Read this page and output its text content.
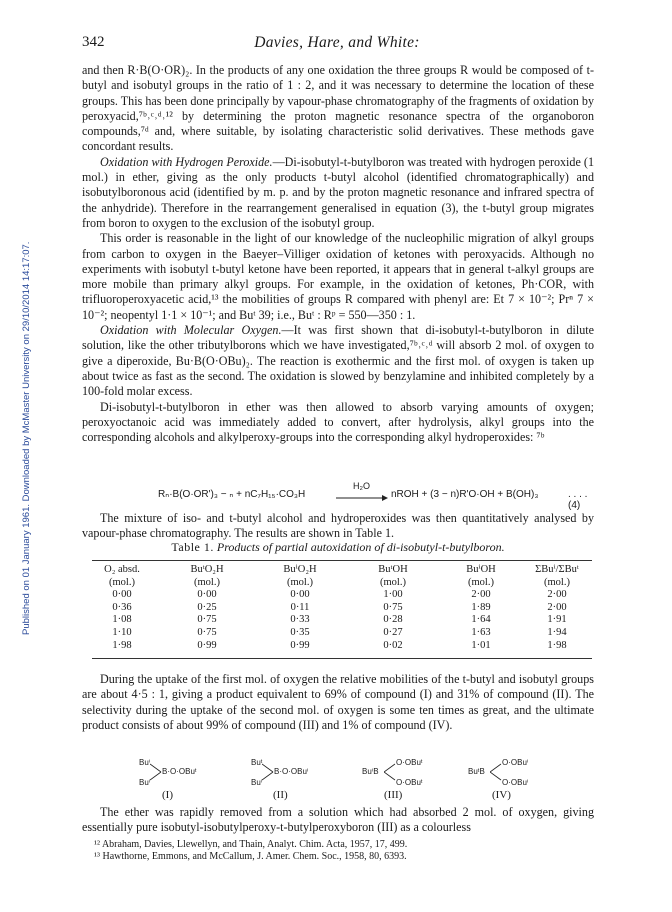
Published on 01 January 1961. Downloaded by McMaster University on 29/10/2014 14:17:07.
342	Davies, Hare, and White:

and then R·B(O·OR)₂. In the products of any one oxidation the three groups R would be composed of t-butyl and isobutyl groups in the ratio of 1 : 2, and it was necessary to determine the location of these groups. This has been done principally by vapour-phase chromatography of the fragments of oxidation by peroxyacid,⁷ᵇ˒ᶜ˒ᵈ˒¹² by determining the proton magnetic resonance spectra of the organoboron compounds,⁷ᵈ and, where suitable, by isolating characteristic solid derivatives. These methods gave concordant results.

Oxidation with Hydrogen Peroxide.—Di-isobutyl-t-butylboron was treated with hydrogen peroxide (1 mol.) in ether, giving as the only products t-butyl alcohol (identified chromatographically) and isobutylboronous acid (identified by m. p. and by the proton magnetic resonance and infrared spectra of the anhydride). Therefore in the rearrangement generalised in equation (3), the t-butyl group migrates from boron to oxygen to the exclusion of the isobutyl group.

This order is reasonable in the light of our knowledge of the nucleophilic migration of alkyl groups from carbon to oxygen in the Baeyer–Villiger oxidation of ketones with peroxyacids. Although no experiments with isobutyl t-butyl ketone have been reported, it appears that in general t-alkyl groups are more mobile than primary alkyl groups. For example, in the oxidation of ketones, Ph·COR, with trifluoroperoxyacetic acid,¹³ the mobilities of groups R compared with phenyl are: Et 7 × 10⁻²; Prⁿ 7 × 10⁻²; neopentyl 1·1 × 10⁻¹; and Buᵗ 39; i.e., Buᵗ : Rᵖ = 550—350 : 1.

Oxidation with Molecular Oxygen.—It was first shown that di-isobutyl-t-butylboron in dilute solution, like the other tributylborons which we have investigated,⁷ᵇ˒ᶜ˒ᵈ will absorb 2 mol. of oxygen to give a diperoxide, Bu·B(O·OBu)₂. The reaction is exothermic and the first mol. of oxygen is taken up about twice as fast as the second. The oxidation is slowed by benzylamine and inhibited completely by a 100-fold molar excess.

Di-isobutyl-t-butylboron in ether was then allowed to absorb varying amounts of oxygen; peroxyoctanoic acid was immediately added to convert, after hydrolysis, alkyl groups into the corresponding alcohols and alkylperoxy-groups into the corresponding alkyl hydroperoxides: ⁷ᵇ

Rₙ·B(O·OR')₃ − ₙ + nC₇H₁₅·CO₃H
H₂O
nROH + (3 − n)R'O·OH + B(OH)₃	. . . . (4)

The mixture of iso- and t-butyl alcohol and hydroperoxides was then quantitatively analysed by vapour-phase chromatography. The results are shown in Table 1.

Table 1. Products of partial autoxidation of di-isobutyl-t-butylboron.
O₂ absd.
(mol.)
0·00
0·36
1·08
1·10
1·98
BuᵗO₂H
(mol.)
0·00
0·25
0·75
0·75
0·99
BuⁱO₂H
(mol.)
0·00
0·11
0·33
0·35
0·99
BuᵗOH
(mol.)
1·00
0·75
0·28
0·27
0·02
BuⁱOH
(mol.)
2·00
1·89
1·64
1·63
1·01
ΣBuⁱ/ΣBuᵗ
(mol.)
2·00
2·00
1·91
1·94
1·98

During the uptake of the first mol. of oxygen the relative mobilities of the t-butyl and isobutyl groups are about 4·5 : 1, giving a product equivalent to 69% of compound (I) and 31% of compound (II). The selectivity during the uptake of the second mol. of oxygen is some ten times as great, and the ultimate product consists of about 99% of compound (III) and 1% of compound (IV).

Buⁱ
Buⁱ
B·O·OBuᵗ
(I)
Buᵗ
Buⁱ
B·O·OBuⁱ
(II)
BuⁱB
O·OBuᵗ
O·OBuᵗ
(III)
BuᵗB
O·OBuⁱ
O·OBuⁱ
(IV)

The ether was rapidly removed from a solution which had absorbed 2 mol. of oxygen, giving essentially pure isobutyl-isobutylperoxy-t-butylperoxyboron (III) as a colourless

¹² Abraham, Davies, Llewellyn, and Thain, Analyt. Chim. Acta, 1957, 17, 499.
¹³ Hawthorne, Emmons, and McCallum, J. Amer. Chem. Soc., 1958, 80, 6393.
